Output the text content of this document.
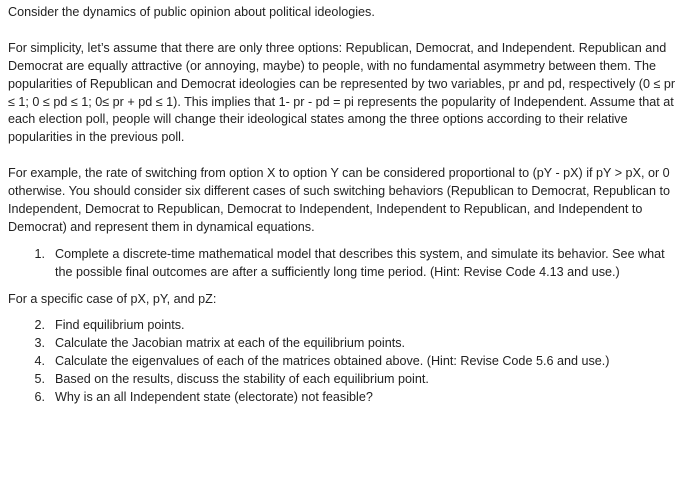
Consider the dynamics of public opinion about political ideologies.

For simplicity, let’s assume that there are only three options: Republican, Democrat, and Independent. Republican and Democrat are equally attractive (or annoying, maybe) to people, with no fundamental asymmetry between them. The popularities of Republican and Democrat ideologies can be represented by two variables, pr and pd, respectively (0 ≤ pr ≤ 1; 0 ≤ pd ≤ 1; 0≤ pr + pd ≤ 1). This implies that 1- pr - pd = pi represents the popularity of Independent. Assume that at each election poll, people will change their ideological states among the three options according to their relative popularities in the previous poll.

For example, the rate of switching from option X to option Y can be considered proportional to (pY - pX) if pY > pX, or 0 otherwise. You should consider six different cases of such switching behaviors (Republican to Democrat, Republican to Independent, Democrat to Republican, Democrat to Independent, Independent to Republican, and Independent to Democrat) and represent them in dynamical equations.

1. Complete a discrete-time mathematical model that describes this system, and simulate its behavior. See what the possible final outcomes are after a sufficiently long time period. (Hint: Revise Code 4.13 and use.)

For a specific case of pX, pY, and pZ:

2. Find equilibrium points.
3. Calculate the Jacobian matrix at each of the equilibrium points.
4. Calculate the eigenvalues of each of the matrices obtained above. (Hint: Revise Code 5.6 and use.)
5. Based on the results, discuss the stability of each equilibrium point.
6. Why is an all Independent state (electorate) not feasible?
